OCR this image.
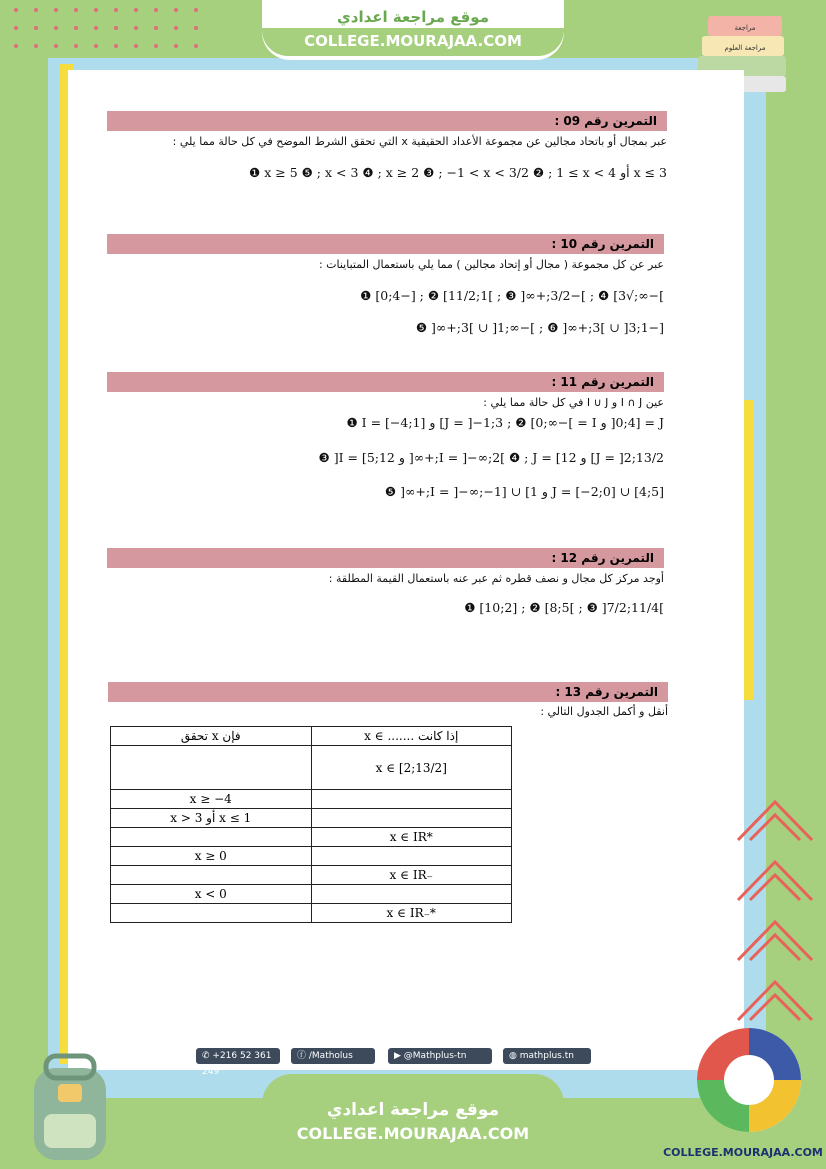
موقع مراجعة اعدادي
COLLEGE.MOURAJAA.COM
مراجعة
مراجعة العلوم
التمرين رقم 09 :
عبر بمجال أو باتحاد مجالين عن مجموعة الأعداد الحقيقية x التي تحقق الشرط الموضح في كل حالة مما يلي :
x ≤ 3 أو x ≥ 5 ❺ ; x < 3 ❹ ; x ≥ 2 ❸ ; −1 < x < 3/2 ❷ ; 1 ≤ x < 4 ❶
التمرين رقم 10 :
عبر عن كل مجموعة ( مجال أو إتحاد مجالين ) مما يلي باستعمال المتباينات :
]−∞;√3] ❹ ; ]−3/2;+∞[ ❸ ; ]1;11/2] ❷ ; [−4;0] ❶
[−1;3[ ∪ ]3;+∞[ ❻ ; ]−∞;1[ ∪ ]3;+∞[ ❺
التمرين رقم 11 :
عين I ∩ J و I ∪ J في كل حالة مما يلي :
J = [0;4[ و I = ]−∞;0] ❷ ; J = ]−1;3] و I = [−4;1] ❶
J = ]2;13/2] و I = ]−∞;2[ ❹ ; J = [12;+∞[ و I = [5;12[ ❸
J = [−2;0] ∪ [4;5] و I = ]−∞;−1] ∪ [1;+∞[ ❺
التمرين رقم 12 :
أوجد مركز كل مجال و نصف قطره ثم عبر عنه باستعمال القيمة المطلقة :
]11/4;7/2[ ❸ ; ]5;8] ❷ ; [2;10] ❶
التمرين رقم 13 :
أنقل و أكمل الجدول التالي :
فإن x تحقق	إذا كانت ....... ∋ x
	x ∈ [2;13/2]
x ≥ −4	
x ≤ 1 أو x > 3	
	x ∈ IR*
x ≥ 0	
	x ∈ IR₋
x < 0	
	x ∈ IR₋*
✆ +216 52 361 249
ⓕ /Matholus	▶ @Mathplus-tn	◍ mathplus.tn
موقع مراجعة اعدادي
COLLEGE.MOURAJAA.COM
COLLEGE.MOURAJAA.COM
